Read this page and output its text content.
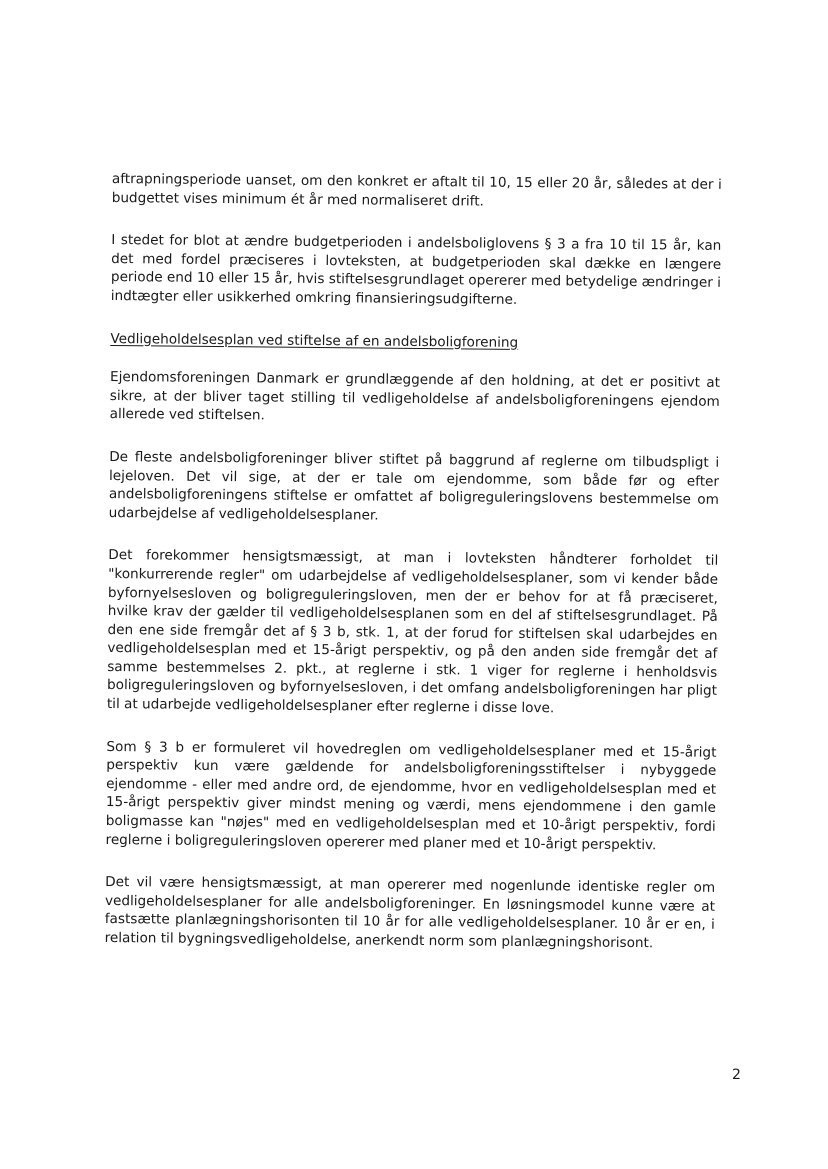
aftrapningsperiode uanset, om den konkret er aftalt til 10, 15 eller 20 år, således at der i budgettet vises minimum ét år med normaliseret drift.

I stedet for blot at ændre budgetperioden i andelsboliglovens § 3 a fra 10 til 15 år, kan det med fordel præciseres i lovteksten, at budgetperioden skal dække en længere periode end 10 eller 15 år, hvis stiftelsesgrundlaget opererer med betydelige ændringer i indtægter eller usikkerhed omkring finansieringsudgifterne.

Vedligeholdelsesplan ved stiftelse af en andelsboligforening

Ejendomsforeningen Danmark er grundlæggende af den holdning, at det er positivt at sikre, at der bliver taget stilling til vedligeholdelse af andelsboligforeningens ejendom allerede ved stiftelsen.

De fleste andelsboligforeninger bliver stiftet på baggrund af reglerne om tilbudspligt i lejeloven. Det vil sige, at der er tale om ejendomme, som både før og efter andelsboligforeningens stiftelse er omfattet af boligreguleringslovens bestemmelse om udarbejdelse af vedligeholdelsesplaner.

Det forekommer hensigtsmæssigt, at man i lovteksten håndterer forholdet til "konkurrerende regler" om udarbejdelse af vedligeholdelsesplaner, som vi kender både byfornyelsesloven og boligreguleringsloven, men der er behov for at få præciseret, hvilke krav der gælder til vedligeholdelsesplanen som en del af stiftelsesgrundlaget. På den ene side fremgår det af § 3 b, stk. 1, at der forud for stiftelsen skal udarbejdes en vedligeholdelsesplan med et 15-årigt perspektiv, og på den anden side fremgår det af samme bestemmelses 2. pkt., at reglerne i stk. 1 viger for reglerne i henholdsvis boligreguleringsloven og byfornyelsesloven, i det omfang andelsboligforeningen har pligt til at udarbejde vedligeholdelsesplaner efter reglerne i disse love.

Som § 3 b er formuleret vil hovedreglen om vedligeholdelsesplaner med et 15-årigt perspektiv kun være gældende for andelsboligforeningsstiftelser i nybyggede ejendomme - eller med andre ord, de ejendomme, hvor en vedligeholdelsesplan med et 15-årigt perspektiv giver mindst mening og værdi, mens ejendommene i den gamle boligmasse kan "nøjes" med en vedligeholdelsesplan med et 10-årigt perspektiv, fordi reglerne i boligreguleringsloven opererer med planer med et 10-årigt perspektiv.

Det vil være hensigtsmæssigt, at man opererer med nogenlunde identiske regler om vedligeholdelsesplaner for alle andelsboligforeninger. En løsningsmodel kunne være at fastsætte planlægningshorisonten til 10 år for alle vedligeholdelsesplaner. 10 år er en, i relation til bygningsvedligeholdelse, anerkendt norm som planlægningshorisont.

2
